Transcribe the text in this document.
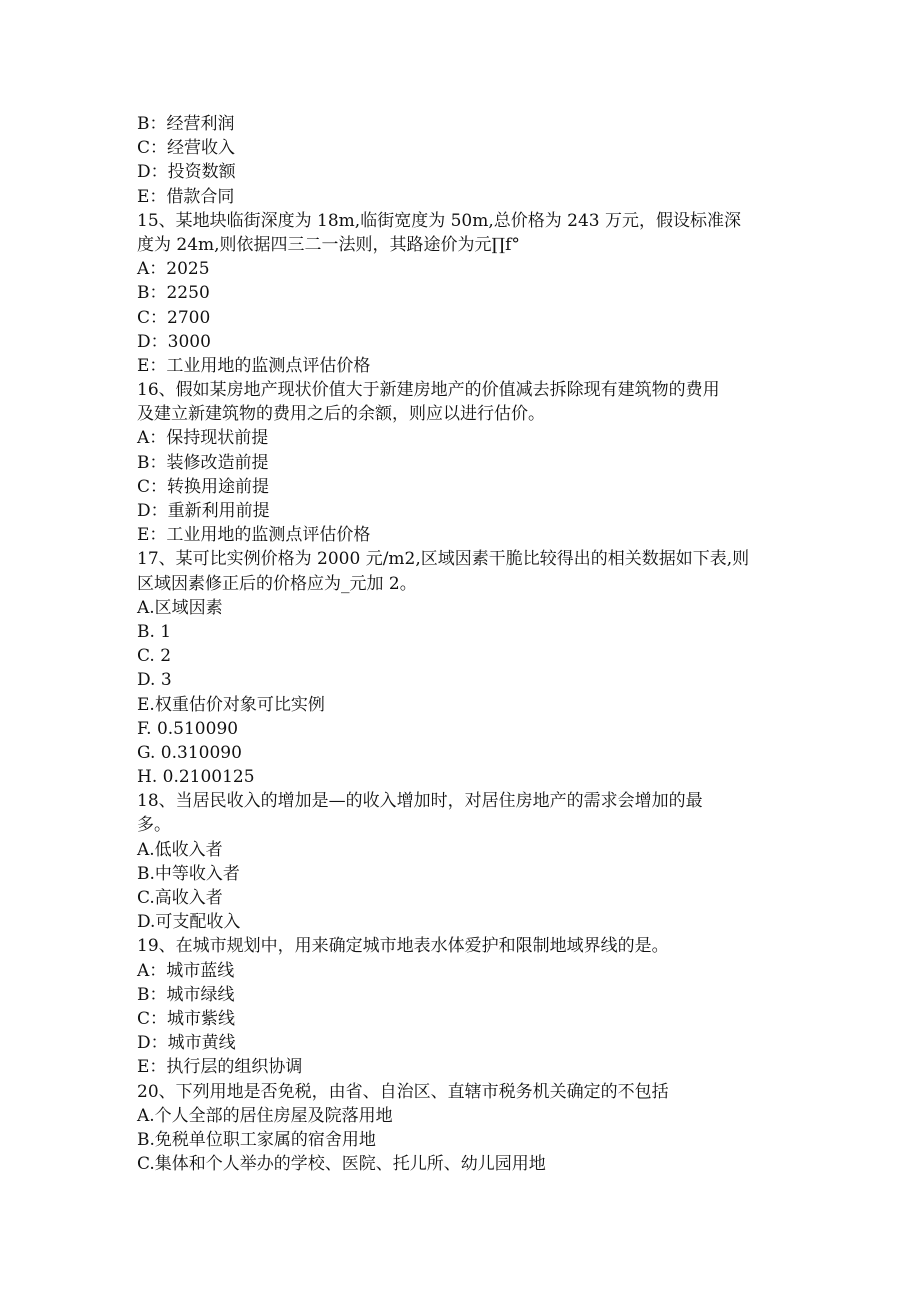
B：经营利润
C：经营收入
D：投资数额
E：借款合同
15、某地块临街深度为 18m,临街宽度为 50m,总价格为 243 万元，假设标准深
度为 24m,则依据四三二一法则，其路途价为元∏f°
A：2025
B：2250
C：2700
D：3000
E：工业用地的监测点评估价格
16、假如某房地产现状价值大于新建房地产的价值减去拆除现有建筑物的费用
及建立新建筑物的费用之后的余额，则应以进行估价。
A：保持现状前提
B：装修改造前提
C：转换用途前提
D：重新利用前提
E：工业用地的监测点评估价格
17、某可比实例价格为 2000 元/m2,区域因素干脆比较得出的相关数据如下表,则
区域因素修正后的价格应为_元加 2。
A.区域因素
B. 1
C. 2
D. 3
E.权重估价对象可比实例
F. 0.510090
G. 0.310090
H. 0.2100125
18、当居民收入的增加是—的收入增加时，对居住房地产的需求会增加的最
多。
A.低收入者
B.中等收入者
C.高收入者
D.可支配收入
19、在城市规划中，用来确定城市地表水体爱护和限制地域界线的是。
A：城市蓝线
B：城市绿线
C：城市紫线
D：城市黄线
E：执行层的组织协调
20、下列用地是否免税，由省、自治区、直辖市税务机关确定的不包括
A.个人全部的居住房屋及院落用地
B.免税单位职工家属的宿舍用地
C.集体和个人举办的学校、医院、托儿所、幼儿园用地
